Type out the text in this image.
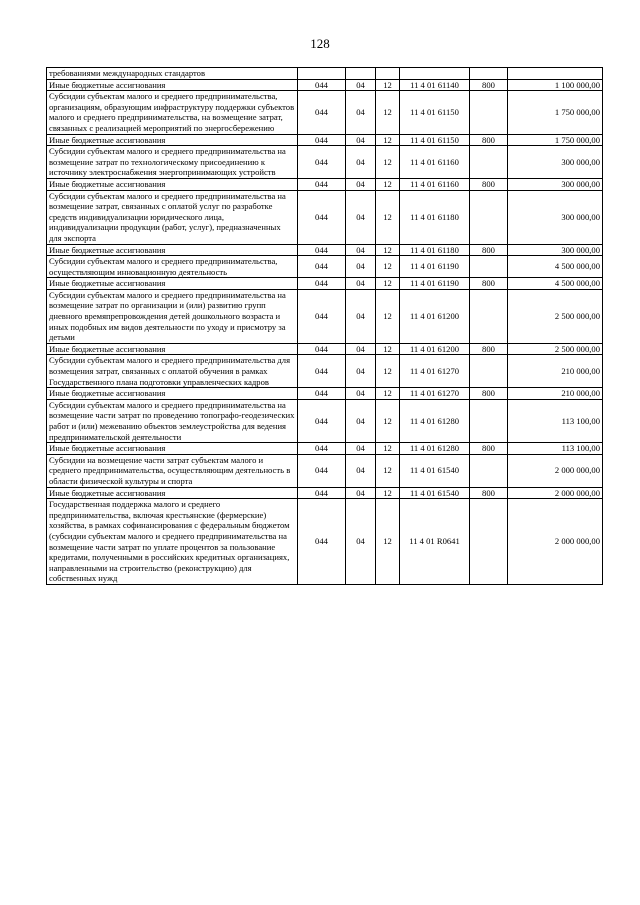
128
требованиями международных стандартов						
Иные бюджетные ассигнования	044	04	12	11 4 01 61140	800	1 100 000,00
Субсидии субъектам малого и среднего предпринимательства, организациям, образующим инфраструктуру поддержки субъектов малого и среднего предпринимательства, на возмещение затрат, связанных с реализацией мероприятий по энергосбережению	044	04	12	11 4 01 61150		1 750 000,00
Иные бюджетные ассигнования	044	04	12	11 4 01 61150	800	1 750 000,00
Субсидии субъектам малого и среднего предпринимательства на возмещение затрат по технологическому присоединению к источнику электроснабжения энергопринимающих устройств	044	04	12	11 4 01 61160		300 000,00
Иные бюджетные ассигнования	044	04	12	11 4 01 61160	800	300 000,00
Субсидии субъектам малого и среднего предпринимательства на возмещение затрат, связанных с оплатой услуг по разработке средств индивидуализации юридического лица, индивидуализации продукции (работ, услуг), предназначенных для экспорта	044	04	12	11 4 01 61180		300 000,00
Иные бюджетные ассигнования	044	04	12	11 4 01 61180	800	300 000,00
Субсидии субъектам малого и среднего предпринимательства, осуществляющим инновационную деятельность	044	04	12	11 4 01 61190		4 500 000,00
Иные бюджетные ассигнования	044	04	12	11 4 01 61190	800	4 500 000,00
Субсидии субъектам малого и среднего предпринимательства на возмещение затрат по организации и (или) развитию групп дневного времяпрепровождения детей дошкольного возраста и иных подобных им видов деятельности по уходу и присмотру за детьми	044	04	12	11 4 01 61200		2 500 000,00
Иные бюджетные ассигнования	044	04	12	11 4 01 61200	800	2 500 000,00
Субсидии субъектам малого и среднего предпринимательства для возмещения затрат, связанных с оплатой обучения в рамках Государственного плана подготовки управленческих кадров	044	04	12	11 4 01 61270		210 000,00
Иные бюджетные ассигнования	044	04	12	11 4 01 61270	800	210 000,00
Субсидии субъектам малого и среднего предпринимательства на возмещение части затрат по проведению топографо-геодезических работ и (или) межеванию объектов землеустройства для ведения предпринимательской деятельности	044	04	12	11 4 01 61280		113 100,00
Иные бюджетные ассигнования	044	04	12	11 4 01 61280	800	113 100,00
Субсидии на возмещение части затрат субъектам малого и среднего предпринимательства, осуществляющим деятельность в области физической культуры и спорта	044	04	12	11 4 01 61540		2 000 000,00
Иные бюджетные ассигнования	044	04	12	11 4 01 61540	800	2 000 000,00
Государственная поддержка малого и среднего предпринимательства, включая крестьянские (фермерские) хозяйства, в рамках софинансирования с федеральным бюджетом (субсидии субъектам малого и среднего предпринимательства на возмещение части затрат по уплате процентов за пользование кредитами, полученными в российских кредитных организациях, направленными на строительство (реконструкцию) для собственных нужд	044	04	12	11 4 01 R0641		2 000 000,00
